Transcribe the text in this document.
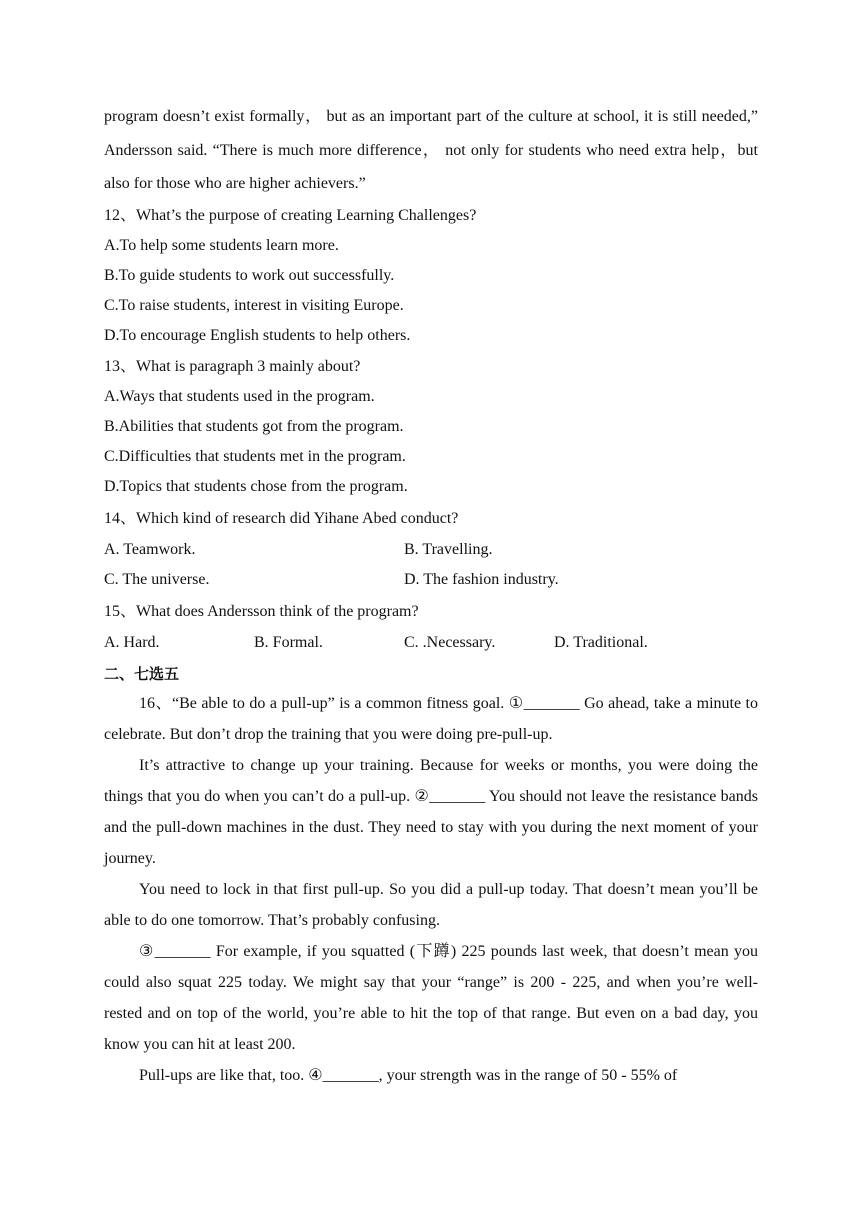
program doesn’t exist formally， but as an important part of the culture at school, it is still needed,” Andersson said. “There is much more difference， not only for students who need extra help，but also for those who are higher achievers.”

12、What’s the purpose of creating Learning Challenges?

A.To help some students learn more.

B.To guide students to work out successfully.

C.To raise students, interest in visiting Europe.

D.To encourage English students to help others.

13、What is paragraph 3 mainly about?

A.Ways that students used in the program.

B.Abilities that students got from the program.

C.Difficulties that students met in the program.

D.Topics that students chose from the program.

14、Which kind of research did Yihane Abed conduct?

A. Teamwork.	B. Travelling.
C. The universe.	D. The fashion industry.

15、What does Andersson think of the program?

A. Hard.	B. Formal.	C. .Necessary.	D. Traditional.

二、七选五

16、“Be able to do a pull-up” is a common fitness goal. ①_______ Go ahead, take a minute to celebrate. But don’t drop the training that you were doing pre-pull-up.

It’s attractive to change up your training. Because for weeks or months, you were doing the things that you do when you can’t do a pull-up. ②_______ You should not leave the resistance bands and the pull-down machines in the dust. They need to stay with you during the next moment of your journey.

You need to lock in that first pull-up. So you did a pull-up today. That doesn’t mean you’ll be able to do one tomorrow. That’s probably confusing.

③_______ For example, if you squatted (下蹲) 225 pounds last week, that doesn’t mean you could also squat 225 today. We might say that your “range” is 200 - 225, and when you’re well- rested and on top of the world, you’re able to hit the top of that range. But even on a bad day, you know you can hit at least 200.

Pull-ups are like that, too. ④_______, your strength was in the range of 50 - 55% of
